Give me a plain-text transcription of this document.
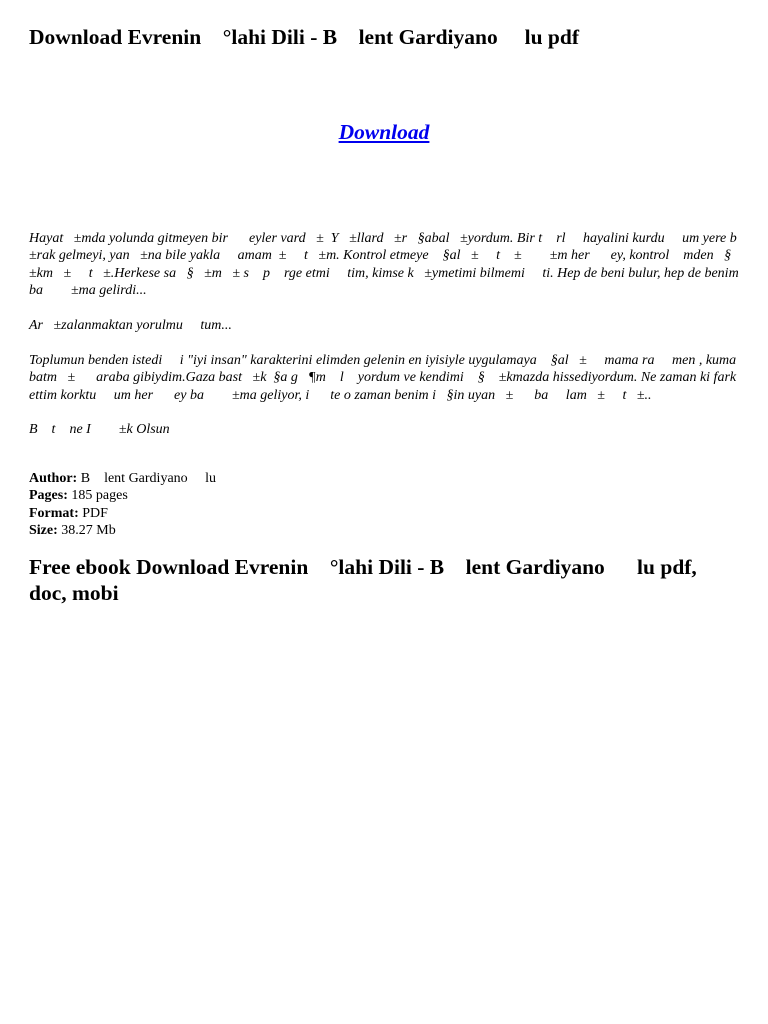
Download Evrenin    °lahi Dili - B    lent Gardiyano     lu pdf
Download

Hayat   ±mda yolunda gitmeyen bir      eyler vard   ±  Y   ±llard   ±r   §abal   ±yordum. Bir t    rl     hayalini kurdu     um yere b   ±rak gelmeyi, yan   ±na bile yakla     amam  ±     t   ±m. Kontrol etmeye    §al   ±     t    ±        ±m her      ey, kontrol    mden   §   ±km   ±     t   ±.Herkese sa   §   ±m   ± s    p    rge etmi     tim, kimse k   ±ymetimi bilmemi     ti. Hep de beni bulur, hep de benim ba        ±ma gelirdi...

Ar   ±zalanmaktan yorulmu     tum...

Toplumun benden istedi     i "iyi insan" karakterini elimden gelenin en iyisiyle uygulamaya    §al   ±     mama ra     men , kuma batm   ±      araba gibiydim.Gaza bast   ±k  §a g   ¶m    l    yordum ve kendimi    §    ±kmazda hissediyordum. Ne zaman ki fark ettim korktu     um her      ey ba        ±ma geliyor, i      te o zaman benim i   §in uyan   ±      ba     lam   ±     t   ±..

B    t    ne I        ±k Olsun

Author: B    lent Gardiyano     lu
Pages: 185 pages
Format: PDF
Size: 38.27 Mb
Free ebook Download Evrenin    °lahi Dili - B    lent Gardiyano      lu pdf, doc, mobi
